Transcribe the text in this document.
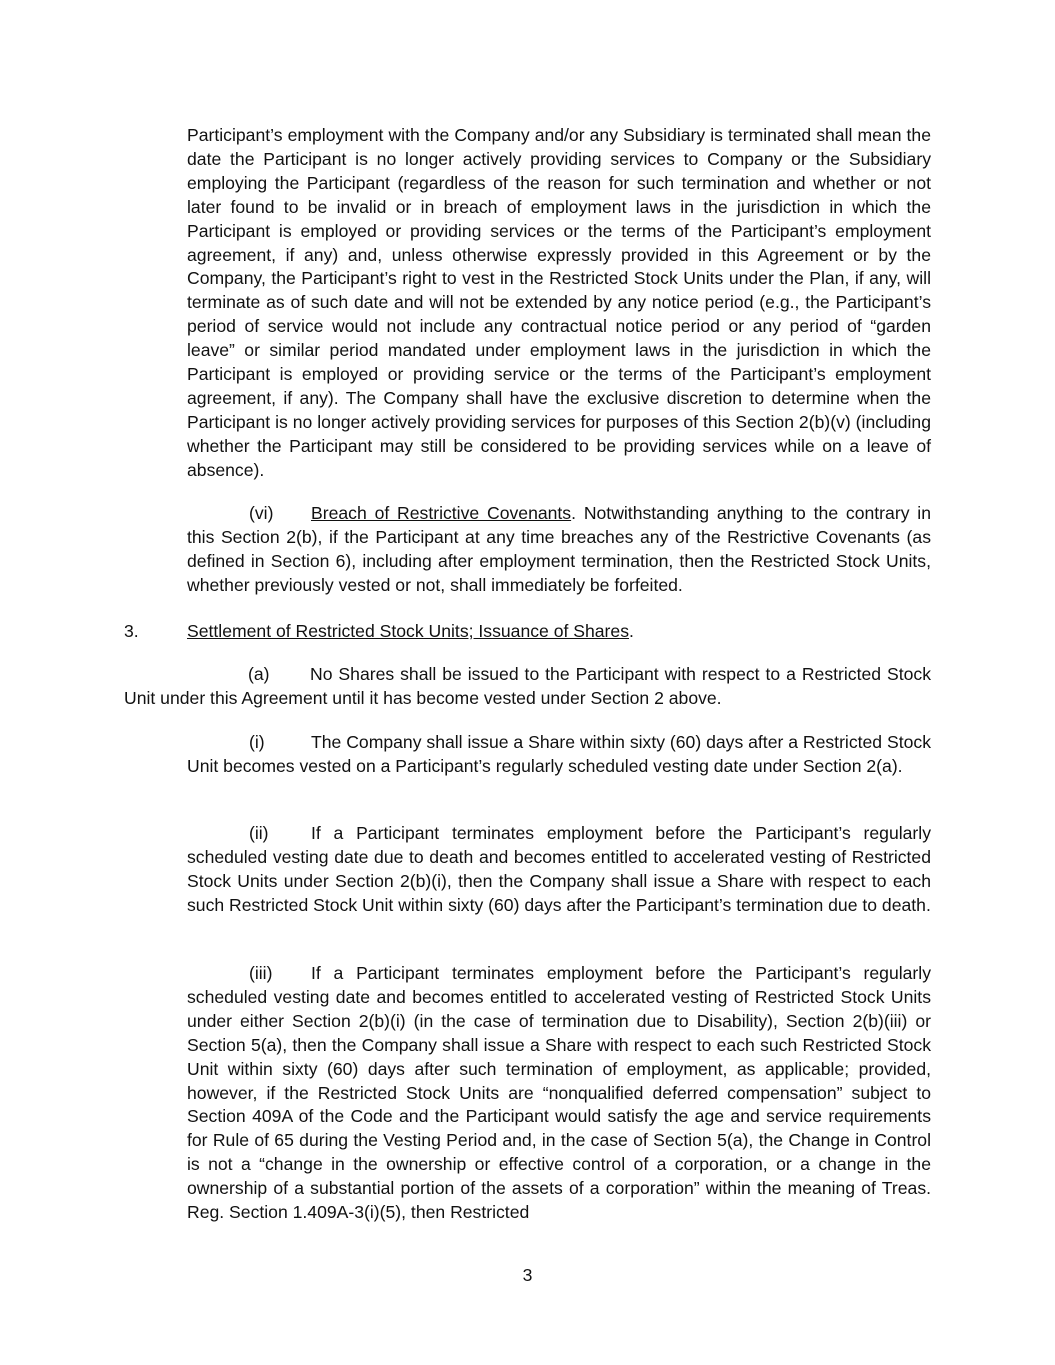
Participant’s employment with the Company and/or any Subsidiary is terminated shall mean the date the Participant is no longer actively providing services to Company or the Subsidiary employing the Participant (regardless of the reason for such termination and whether or not later found to be invalid or in breach of employment laws in the jurisdiction in which the Participant is employed or providing services or the terms of the Participant’s employment agreement, if any) and, unless otherwise expressly provided in this Agreement or by the Company, the Participant’s right to vest in the Restricted Stock Units under the Plan, if any, will terminate as of such date and will not be extended by any notice period (e.g., the Participant’s period of service would not include any contractual notice period or any period of “garden leave” or similar period mandated under employment laws in the jurisdiction in which the Participant is employed or providing service or the terms of the Participant’s employment agreement, if any). The Company shall have the exclusive discretion to determine when the Participant is no longer actively providing services for purposes of this Section 2(b)(v) (including whether the Participant may still be considered to be providing services while on a leave of absence).

(vi) Breach of Restrictive Covenants. Notwithstanding anything to the contrary in this Section 2(b), if the Participant at any time breaches any of the Restrictive Covenants (as defined in Section 6), including after employment termination, then the Restricted Stock Units, whether previously vested or not, shall immediately be forfeited.

3.	Settlement of Restricted Stock Units; Issuance of Shares.

(a) No Shares shall be issued to the Participant with respect to a Restricted Stock Unit under this Agreement until it has become vested under Section 2 above.

(i)	The Company shall issue a Share within sixty (60) days after a Restricted Stock Unit becomes vested on a Participant’s regularly scheduled vesting date under Section 2(a).

(ii) If a Participant terminates employment before the Participant’s regularly scheduled vesting date due to death and becomes entitled to accelerated vesting of Restricted Stock Units under Section 2(b)(i), then the Company shall issue a Share with respect to each such Restricted Stock Unit within sixty (60) days after the Participant’s termination due to death.

(iii) If a Participant terminates employment before the Participant’s regularly scheduled vesting date and becomes entitled to accelerated vesting of Restricted Stock Units under either Section 2(b)(i) (in the case of termination due to Disability), Section 2(b)(iii) or Section 5(a), then the Company shall issue a Share with respect to each such Restricted Stock Unit within sixty (60) days after such termination of employment, as applicable; provided, however, if the Restricted Stock Units are “nonqualified deferred compensation” subject to Section 409A of the Code and the Participant would satisfy the age and service requirements for Rule of 65 during the Vesting Period and, in the case of Section 5(a), the Change in Control is not a “change in the ownership or effective control of a corporation, or a change in the ownership of a substantial portion of the assets of a corporation” within the meaning of Treas. Reg. Section 1.409A-3(i)(5), then Restricted

3
